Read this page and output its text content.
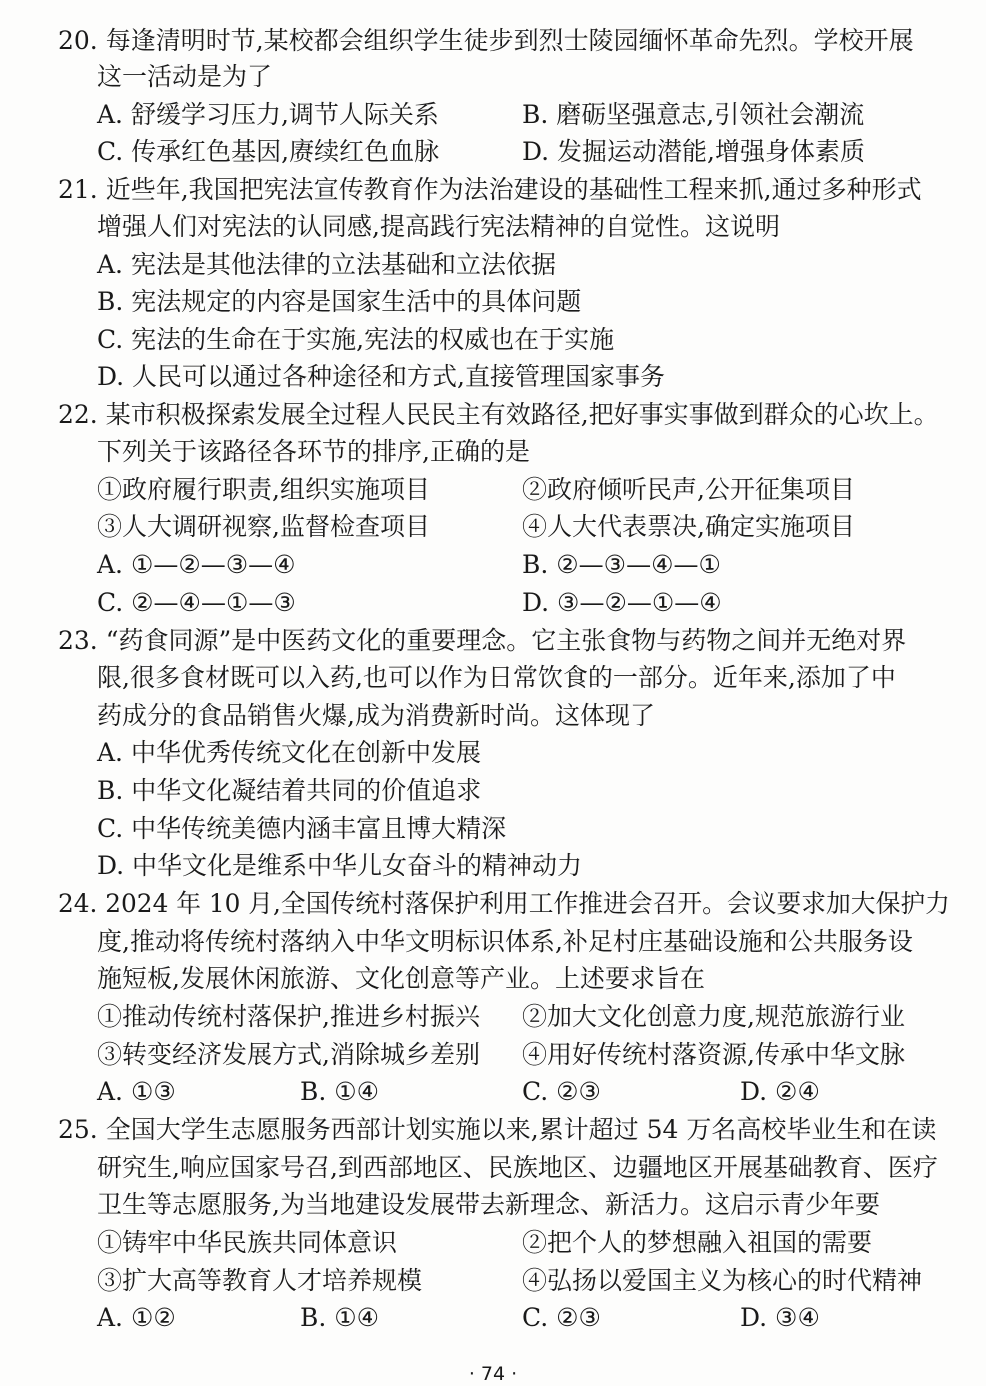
20. 每逢清明时节,某校都会组织学生徒步到烈士陵园缅怀革命先烈。学校开展
这一活动是为了
A. 舒缓学习压力,调节人际关系	B. 磨砺坚强意志,引领社会潮流
C. 传承红色基因,赓续红色血脉	D. 发掘运动潜能,增强身体素质
21. 近些年,我国把宪法宣传教育作为法治建设的基础性工程来抓,通过多种形式
增强人们对宪法的认同感,提高践行宪法精神的自觉性。这说明
A. 宪法是其他法律的立法基础和立法依据
B. 宪法规定的内容是国家生活中的具体问题
C. 宪法的生命在于实施,宪法的权威也在于实施
D. 人民可以通过各种途径和方式,直接管理国家事务
22. 某市积极探索发展全过程人民民主有效路径,把好事实事做到群众的心坎上。
下列关于该路径各环节的排序,正确的是
①政府履行职责,组织实施项目	②政府倾听民声,公开征集项目
③人大调研视察,监督检查项目	④人大代表票决,确定实施项目
A. ①—②—③—④	B. ②—③—④—①
C. ②—④—①—③	D. ③—②—①—④
23. “药食同源”是中医药文化的重要理念。它主张食物与药物之间并无绝对界
限,很多食材既可以入药,也可以作为日常饮食的一部分。近年来,添加了中
药成分的食品销售火爆,成为消费新时尚。这体现了
A. 中华优秀传统文化在创新中发展
B. 中华文化凝结着共同的价值追求
C. 中华传统美德内涵丰富且博大精深
D. 中华文化是维系中华儿女奋斗的精神动力
24. 2024 年 10 月,全国传统村落保护利用工作推进会召开。会议要求加大保护力
度,推动将传统村落纳入中华文明标识体系,补足村庄基础设施和公共服务设
施短板,发展休闲旅游、文化创意等产业。上述要求旨在
①推动传统村落保护,推进乡村振兴 ②加大文化创意力度,规范旅游行业
③转变经济发展方式,消除城乡差别 ④用好传统村落资源,传承中华文脉
A. ①③	B. ①④	C. ②③	D. ②④
25. 全国大学生志愿服务西部计划实施以来,累计超过 54 万名高校毕业生和在读
研究生,响应国家号召,到西部地区、民族地区、边疆地区开展基础教育、医疗
卫生等志愿服务,为当地建设发展带去新理念、新活力。这启示青少年要
①铸牢中华民族共同体意识	②把个人的梦想融入祖国的需要
③扩大高等教育人才培养规模	④弘扬以爱国主义为核心的时代精神
A. ①②	B. ①④	C. ②③	D. ③④
· 74 ·
